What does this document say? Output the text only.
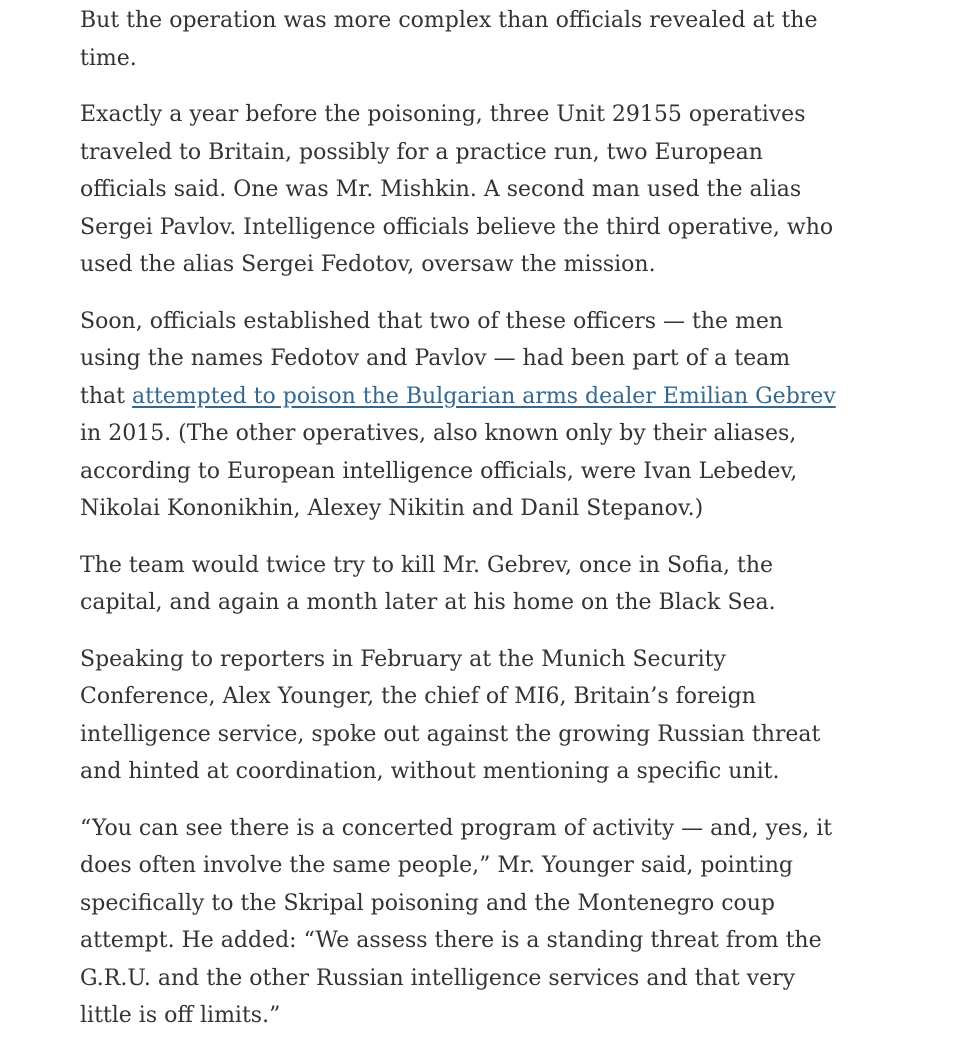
But the operation was more complex than officials revealed at the time.

Exactly a year before the poisoning, three Unit 29155 operatives traveled to Britain, possibly for a practice run, two European officials said. One was Mr. Mishkin. A second man used the alias Sergei Pavlov. Intelligence officials believe the third operative, who used the alias Sergei Fedotov, oversaw the mission.

Soon, officials established that two of these officers — the men using the names Fedotov and Pavlov — had been part of a team that attempted to poison the Bulgarian arms dealer Emilian Gebrev in 2015. (The other operatives, also known only by their aliases, according to European intelligence officials, were Ivan Lebedev, Nikolai Kononikhin, Alexey Nikitin and Danil Stepanov.)

The team would twice try to kill Mr. Gebrev, once in Sofia, the capital, and again a month later at his home on the Black Sea.

Speaking to reporters in February at the Munich Security Conference, Alex Younger, the chief of MI6, Britain’s foreign intelligence service, spoke out against the growing Russian threat and hinted at coordination, without mentioning a specific unit.

“You can see there is a concerted program of activity — and, yes, it does often involve the same people,” Mr. Younger said, pointing specifically to the Skripal poisoning and the Montenegro coup attempt. He added: “We assess there is a standing threat from the G.R.U. and the other Russian intelligence services and that very little is off limits.”
